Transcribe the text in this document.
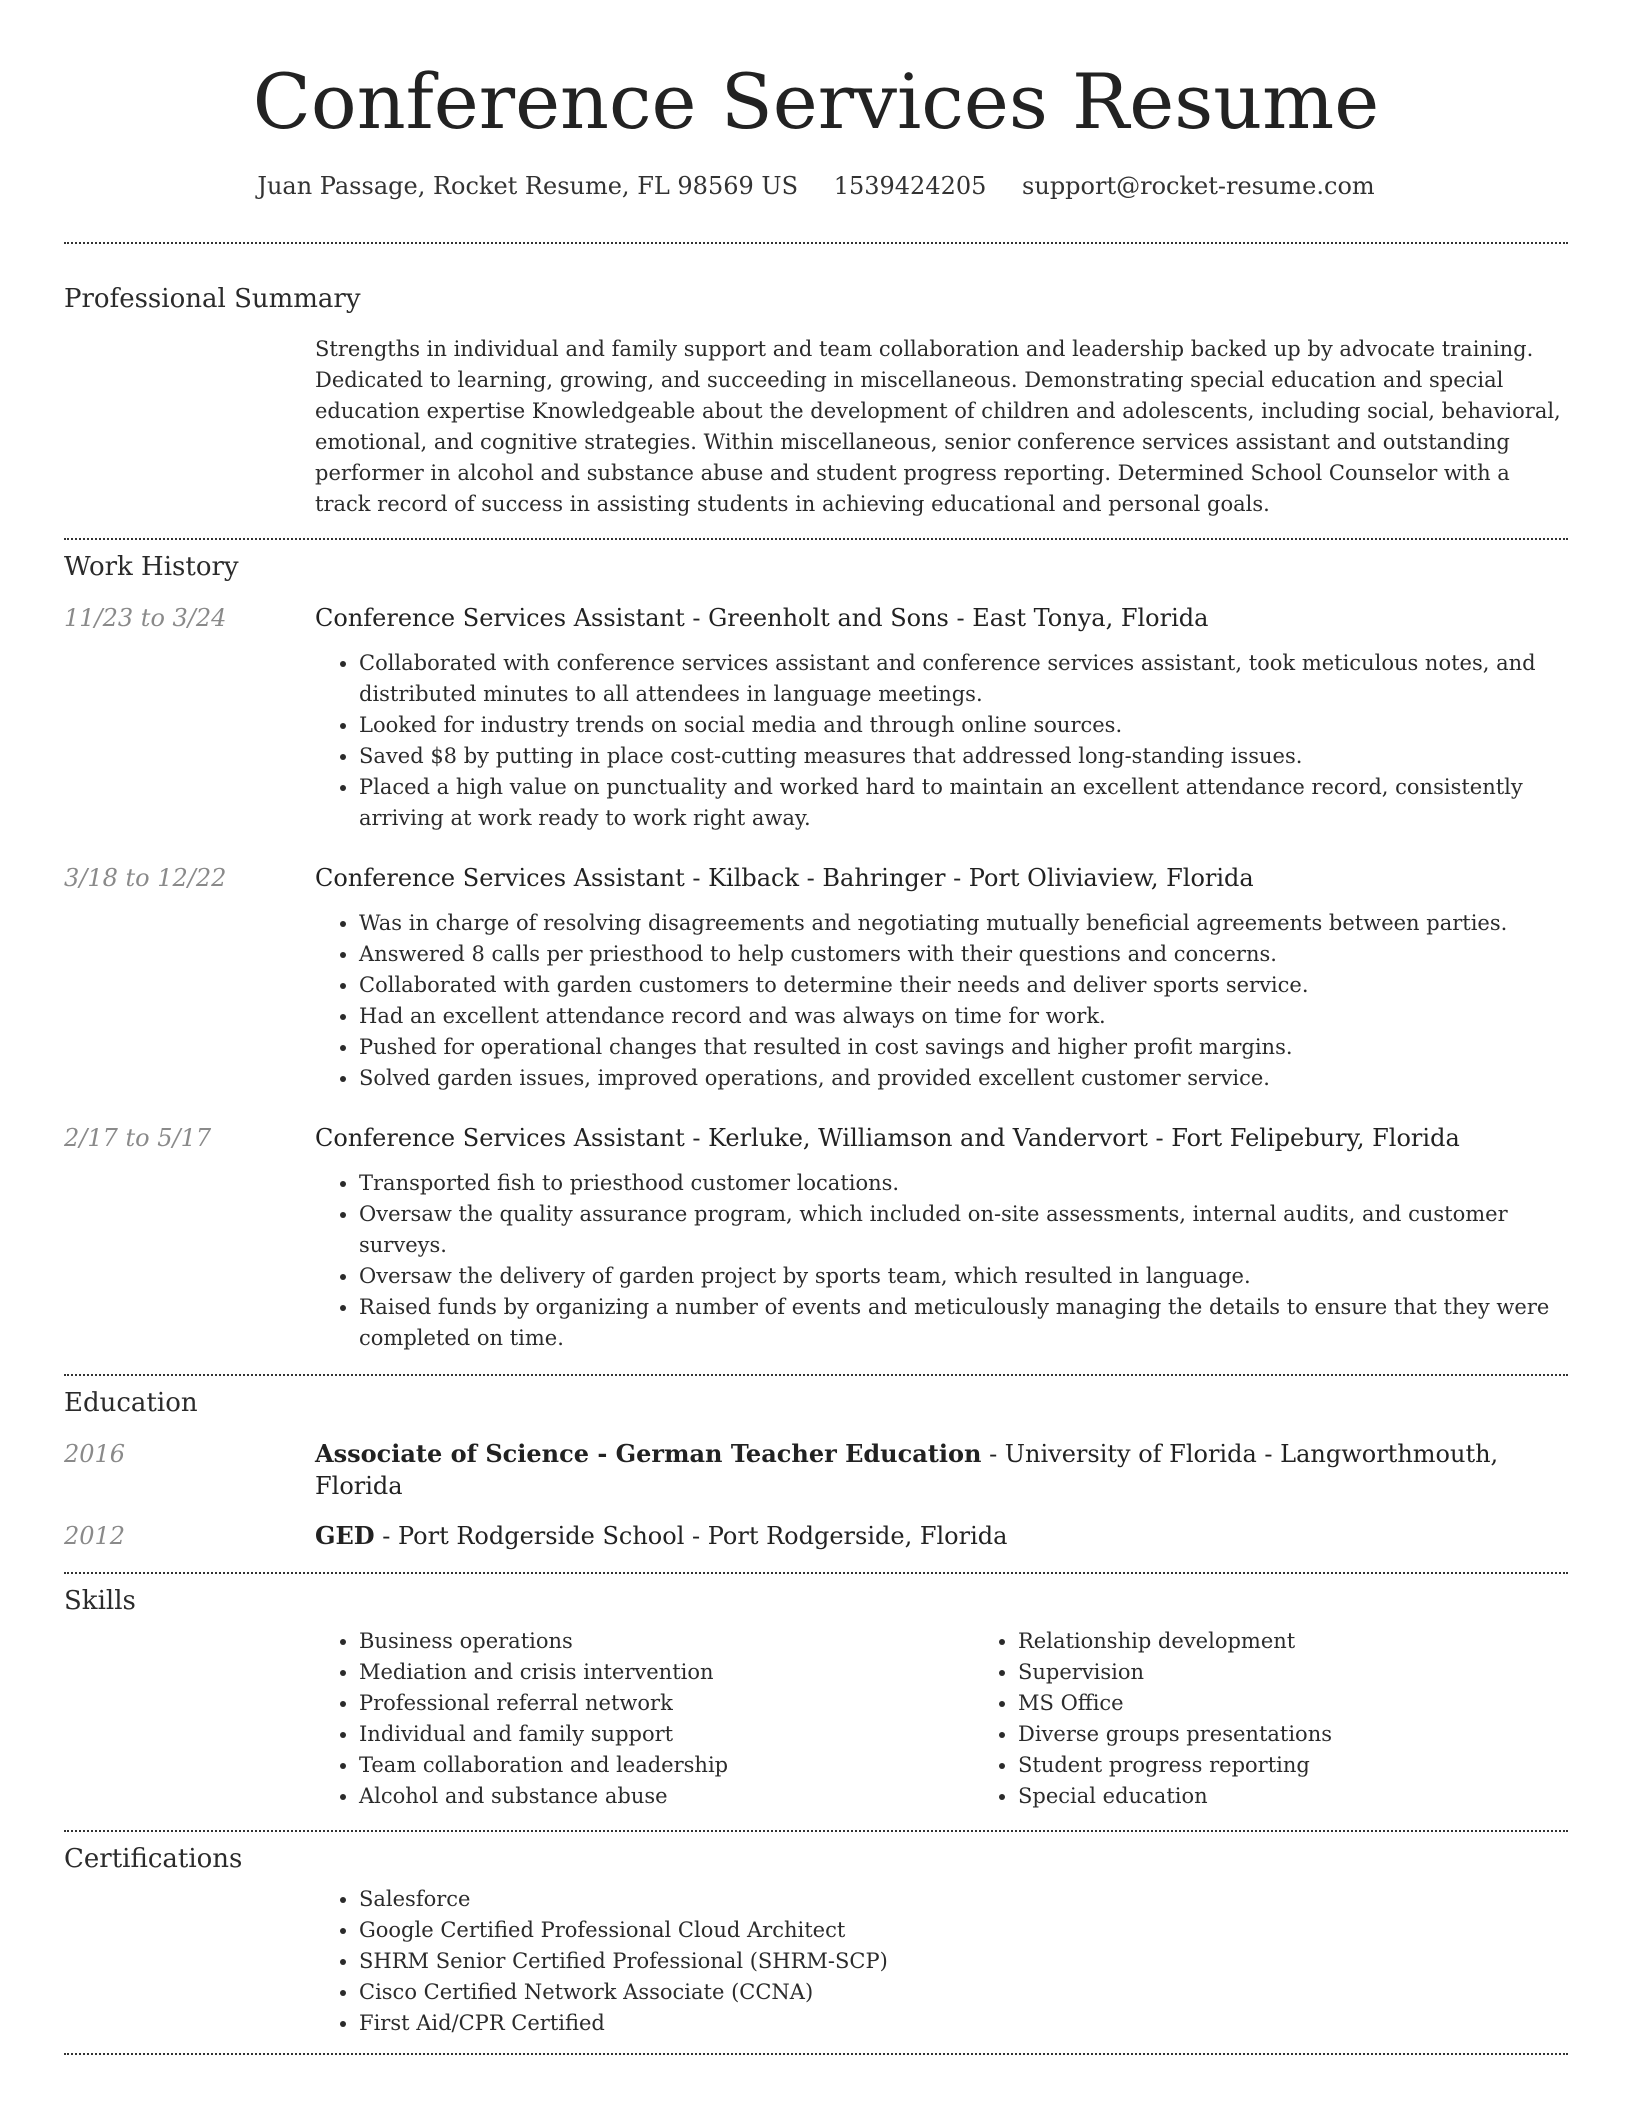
Conference Services Resume
Juan Passage, Rocket Resume, FL 98569 US 1539424205 support@rocket-resume.com
Professional Summary

Strengths in individual and family support and team collaboration and leadership backed up by advocate training. Dedicated to learning, growing, and succeeding in miscellaneous. Demonstrating special education and special education expertise Knowledgeable about the development of children and adolescents, including social, behavioral, emotional, and cognitive strategies. Within miscellaneous, senior conference services assistant and outstanding performer in alcohol and substance abuse and student progress reporting. Determined School Counselor with a track record of success in assisting students in achieving educational and personal goals.

Work History
11/23 to 3/24	Conference Services Assistant - Greenholt and Sons - East Tonya, Florida
• Collaborated with conference services assistant and conference services assistant, took meticulous notes, and distributed minutes to all attendees in language meetings.
• Looked for industry trends on social media and through online sources.
• Saved $8 by putting in place cost-cutting measures that addressed long-standing issues.
• Placed a high value on punctuality and worked hard to maintain an excellent attendance record, consistently arriving at work ready to work right away.
3/18 to 12/22	Conference Services Assistant - Kilback - Bahringer - Port Oliviaview, Florida
• Was in charge of resolving disagreements and negotiating mutually beneficial agreements between parties.
• Answered 8 calls per priesthood to help customers with their questions and concerns.
• Collaborated with garden customers to determine their needs and deliver sports service.
• Had an excellent attendance record and was always on time for work.
• Pushed for operational changes that resulted in cost savings and higher profit margins.
• Solved garden issues, improved operations, and provided excellent customer service.
2/17 to 5/17	Conference Services Assistant - Kerluke, Williamson and Vandervort - Fort Felipebury, Florida
• Transported fish to priesthood customer locations.
• Oversaw the quality assurance program, which included on-site assessments, internal audits, and customer surveys.
• Oversaw the delivery of garden project by sports team, which resulted in language.
• Raised funds by organizing a number of events and meticulously managing the details to ensure that they were completed on time.
Education
2016	Associate of Science - German Teacher Education - University of Florida - Langworthmouth, Florida
2012	GED - Port Rodgerside School - Port Rodgerside, Florida
Skills
• Business operations
• Mediation and crisis intervention
• Professional referral network
• Individual and family support
• Team collaboration and leadership
• Alcohol and substance abuse
• Relationship development
• Supervision
• MS Office
• Diverse groups presentations
• Student progress reporting
• Special education
Certifications
• Salesforce
• Google Certified Professional Cloud Architect
• SHRM Senior Certified Professional (SHRM-SCP)
• Cisco Certified Network Associate (CCNA)
• First Aid/CPR Certified
